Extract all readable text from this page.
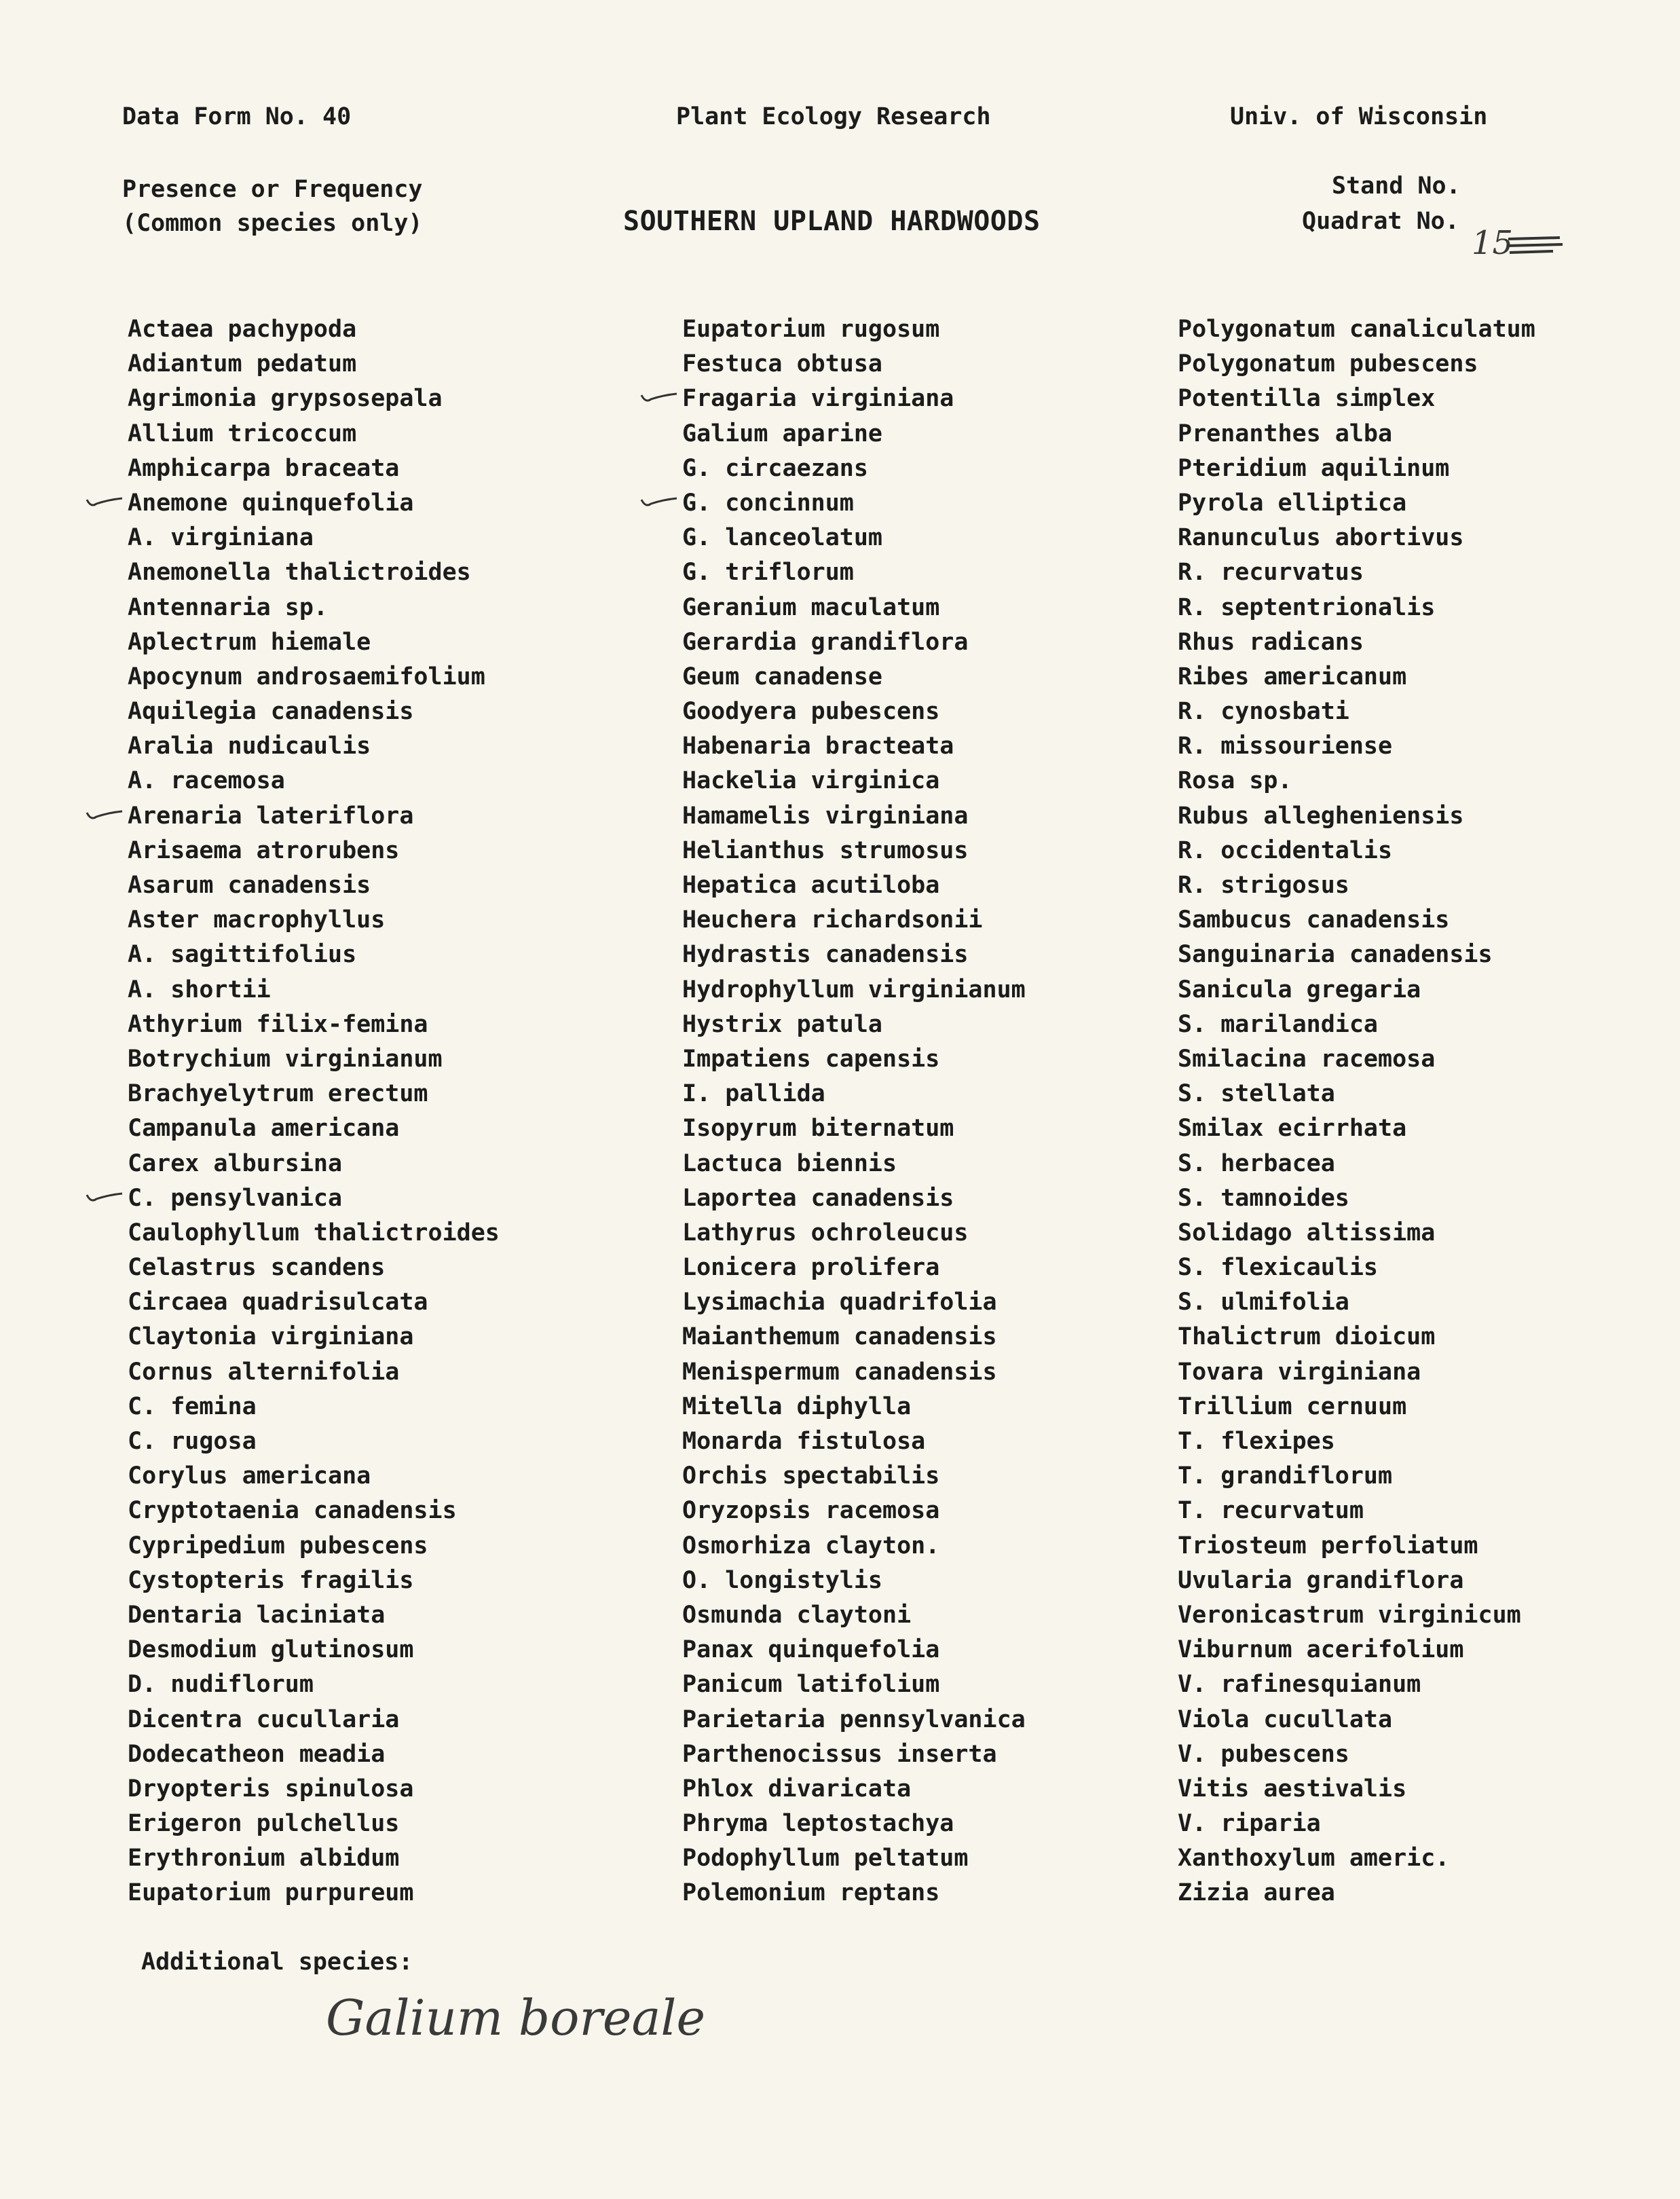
Data Form No. 40	Plant Ecology Research	Univ. of Wisconsin
Presence or Frequency
(Common species only)	SOUTHERN UPLAND HARDWOODS
Stand No.
Quadrat No.
15
Actaea pachypoda
Adiantum pedatum
Agrimonia grypsosepala
Allium tricoccum
Amphicarpa braceata
Anemone quinquefolia
A. virginiana
Anemonella thalictroides
Antennaria sp.
Aplectrum hiemale
Apocynum androsaemifolium
Aquilegia canadensis
Aralia nudicaulis
A. racemosa
Arenaria lateriflora
Arisaema atrorubens
Asarum canadensis
Aster macrophyllus
A. sagittifolius
A. shortii
Athyrium filix-femina
Botrychium virginianum
Brachyelytrum erectum
Campanula americana
Carex albursina
C. pensylvanica
Caulophyllum thalictroides
Celastrus scandens
Circaea quadrisulcata
Claytonia virginiana
Cornus alternifolia
C. femina
C. rugosa
Corylus americana
Cryptotaenia canadensis
Cypripedium pubescens
Cystopteris fragilis
Dentaria laciniata
Desmodium glutinosum
D. nudiflorum
Dicentra cucullaria
Dodecatheon meadia
Dryopteris spinulosa
Erigeron pulchellus
Erythronium albidum
Eupatorium purpureum
Eupatorium rugosum
Festuca obtusa
Fragaria virginiana
Galium aparine
G. circaezans
G. concinnum
G. lanceolatum
G. triflorum
Geranium maculatum
Gerardia grandiflora
Geum canadense
Goodyera pubescens
Habenaria bracteata
Hackelia virginica
Hamamelis virginiana
Helianthus strumosus
Hepatica acutiloba
Heuchera richardsonii
Hydrastis canadensis
Hydrophyllum virginianum
Hystrix patula
Impatiens capensis
I. pallida
Isopyrum biternatum
Lactuca biennis
Laportea canadensis
Lathyrus ochroleucus
Lonicera prolifera
Lysimachia quadrifolia
Maianthemum canadensis
Menispermum canadensis
Mitella diphylla
Monarda fistulosa
Orchis spectabilis
Oryzopsis racemosa
Osmorhiza clayton.
O. longistylis
Osmunda claytoni
Panax quinquefolia
Panicum latifolium
Parietaria pennsylvanica
Parthenocissus inserta
Phlox divaricata
Phryma leptostachya
Podophyllum peltatum
Polemonium reptans
Polygonatum canaliculatum
Polygonatum pubescens
Potentilla simplex
Prenanthes alba
Pteridium aquilinum
Pyrola elliptica
Ranunculus abortivus
R. recurvatus
R. septentrionalis
Rhus radicans
Ribes americanum
R. cynosbati
R. missouriense
Rosa sp.
Rubus allegheniensis
R. occidentalis
R. strigosus
Sambucus canadensis
Sanguinaria canadensis
Sanicula gregaria
S. marilandica
Smilacina racemosa
S. stellata
Smilax ecirrhata
S. herbacea
S. tamnoides
Solidago altissima
S. flexicaulis
S. ulmifolia
Thalictrum dioicum
Tovara virginiana
Trillium cernuum
T. flexipes
T. grandiflorum
T. recurvatum
Triosteum perfoliatum
Uvularia grandiflora
Veronicastrum virginicum
Viburnum acerifolium
V. rafinesquianum
Viola cucullata
V. pubescens
Vitis aestivalis
V. riparia
Xanthoxylum americ.
Zizia aurea
Additional species:
Galium boreale
